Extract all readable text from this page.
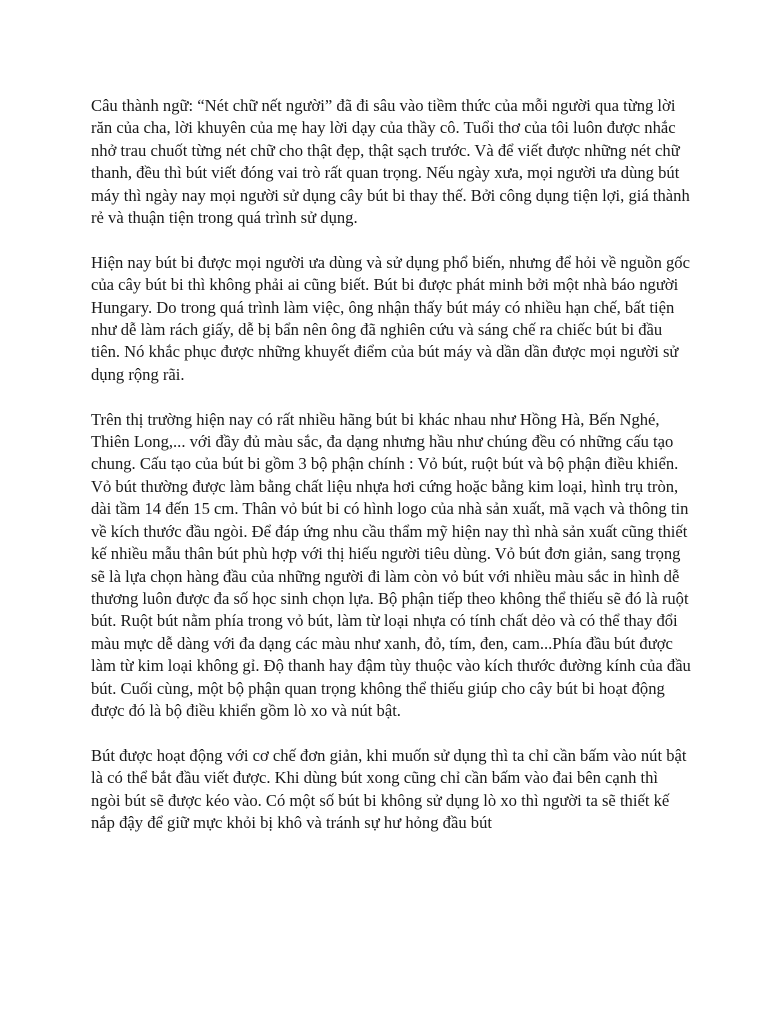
Câu thành ngữ: “Nét chữ nết người” đã đi sâu vào tiềm thức của mỗi người qua từng lời răn của cha, lời khuyên của mẹ hay lời dạy của thầy cô. Tuổi thơ của tôi luôn được nhắc nhở trau chuốt từng nét chữ cho thật đẹp, thật sạch trước. Và để viết được những nét chữ thanh, đều thì bút viết đóng vai trò rất quan trọng. Nếu ngày xưa, mọi người ưa dùng bút máy thì ngày nay mọi người sử dụng cây bút bi thay thế. Bởi công dụng tiện lợi, giá thành rẻ và thuận tiện trong quá trình sử dụng.

Hiện nay bút bi được mọi người ưa dùng và sử dụng phổ biến, nhưng để hỏi về nguồn gốc của cây bút bi thì không phải ai cũng biết. Bút bi được phát minh bởi một nhà báo người Hungary. Do trong quá trình làm việc, ông nhận thấy bút máy có nhiều hạn chế, bất tiện như dễ làm rách giấy, dễ bị bẩn nên ông đã nghiên cứu và sáng chế ra chiếc bút bi đầu tiên. Nó khắc phục được những khuyết điểm của bút máy và dần dần được mọi người sử dụng rộng rãi.

Trên thị trường hiện nay có rất nhiều hãng bút bi khác nhau như Hồng Hà, Bến Nghé, Thiên Long,... với đầy đủ màu sắc, đa dạng nhưng hầu như chúng đều có những cấu tạo chung. Cấu tạo của bút bi gồm 3 bộ phận chính : Vỏ bút, ruột bút và bộ phận điều khiển. Vỏ bút thường được làm bằng chất liệu nhựa hơi cứng hoặc bằng kim loại, hình trụ tròn, dài tầm 14 đến 15 cm. Thân vỏ bút bi có hình logo của nhà sản xuất, mã vạch và thông tin về kích thước đầu ngòi. Để đáp ứng nhu cầu thẩm mỹ hiện nay thì nhà sản xuất cũng thiết kế nhiều mẫu thân bút phù hợp với thị hiếu người tiêu dùng. Vỏ bút đơn giản, sang trọng sẽ là lựa chọn hàng đầu của những người đi làm còn vỏ bút với nhiều màu sắc in hình dễ thương luôn được đa số học sinh chọn lựa. Bộ phận tiếp theo không thể thiếu sẽ đó là ruột bút. Ruột bút nằm phía trong vỏ bút, làm từ loại nhựa có tính chất dẻo và có thể thay đổi màu mực dễ dàng với đa dạng các màu như xanh, đỏ, tím, đen, cam...Phía đầu bút được làm từ kim loại không gỉ. Độ thanh hay đậm tùy thuộc vào kích thước đường kính của đầu bút. Cuối cùng, một bộ phận quan trọng không thể thiếu giúp cho cây bút bi hoạt động được đó là bộ điều khiển gồm lò xo và nút bật.

Bút được hoạt động với cơ chế đơn giản, khi muốn sử dụng thì ta chỉ cần bấm vào nút bật là có thể bắt đầu viết được. Khi dùng bút xong cũng chỉ cần bấm vào đai bên cạnh thì ngòi bút sẽ được kéo vào. Có một số bút bi không sử dụng lò xo thì người ta sẽ thiết kế nắp đậy để giữ mực khỏi bị khô và tránh sự hư hỏng đầu bút
